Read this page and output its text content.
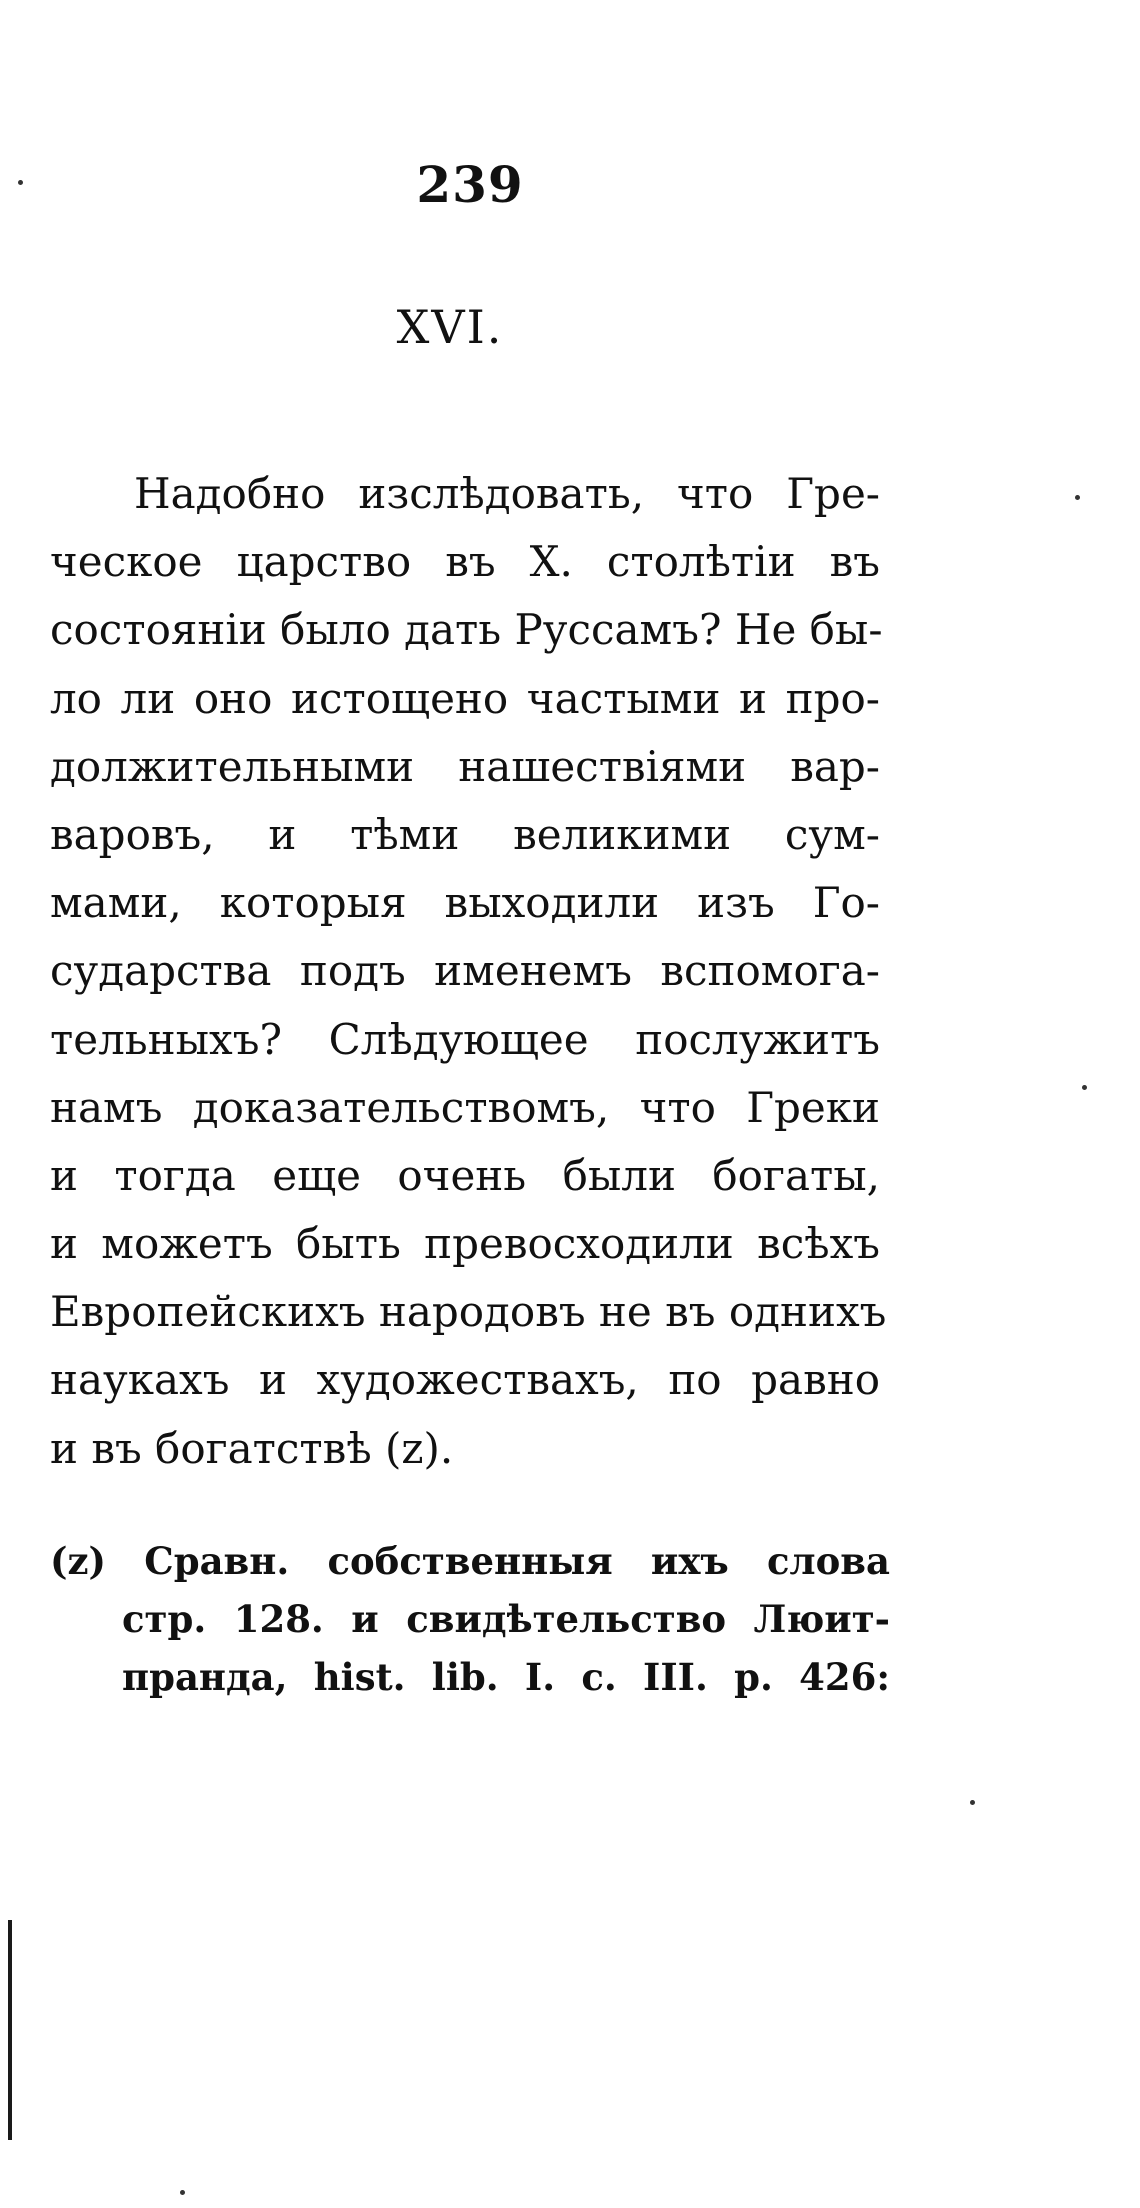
239
XVI.
Надобно изслѣдовать, что Гре-
ческое царство въ X. столѣтіи въ
состояніи было дать Руссамъ? Не бы-
ло ли оно истощено частыми и про-
должительными нашествіями вар-
варовъ, и тѣми великими сум-
мами, которыя выходили изъ Го-
сударства подъ именемъ вспомога-
тельныхъ? Слѣдующее послужитъ
намъ доказательствомъ, что Греки
и тогда еще очень были богаты,
и можетъ быть превосходили всѣхъ
Европейскихъ народовъ не въ однихъ
наукахъ и художествахъ, по равно
и въ богатствѣ (z).
(z) Сравн. собственныя ихъ слова
стр. 128. и свидѣтельство Люит-
пранда, hist. lib. I. c. III. p. 426:
